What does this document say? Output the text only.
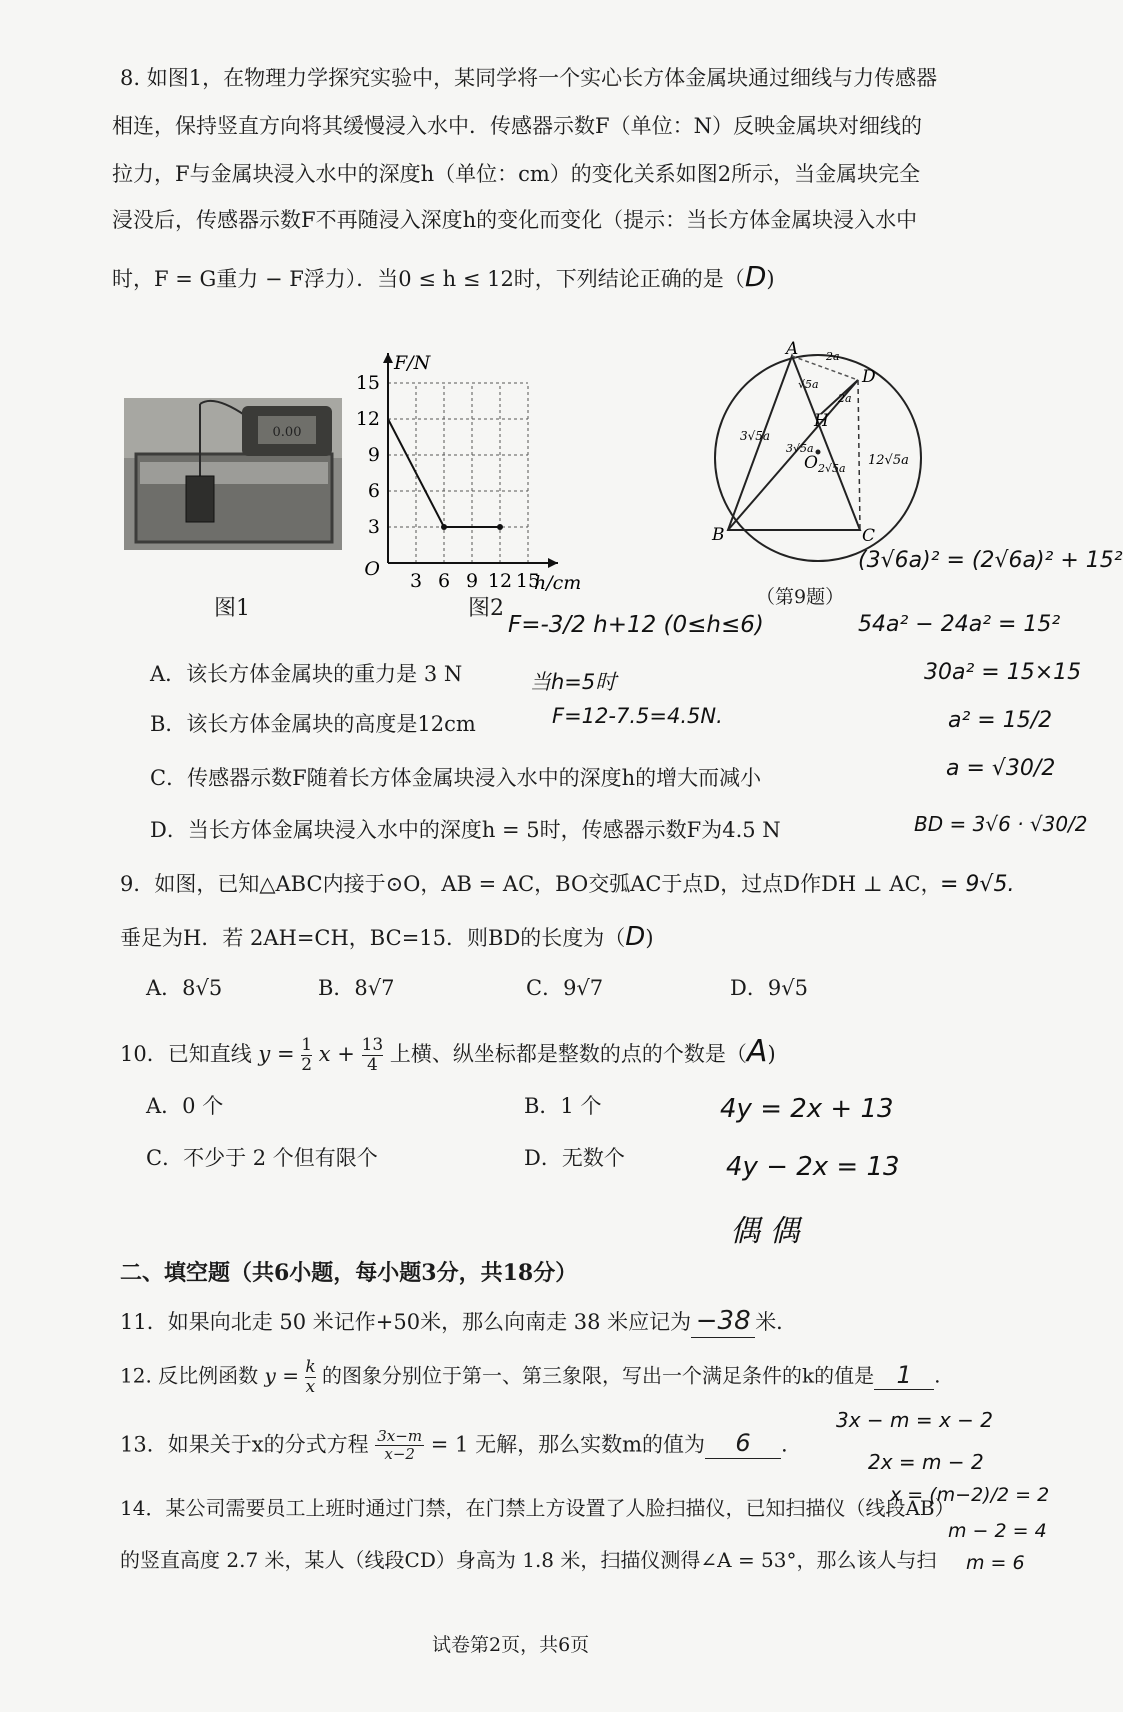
8. 如图1，在物理力学探究实验中，某同学将一个实心长方体金属块通过细线与力传感器
相连，保持竖直方向将其缓慢浸入水中．传感器示数F（单位：N）反映金属块对细线的
拉力，F与金属块浸入水中的深度h（单位：cm）的变化关系如图2所示，当金属块完全
浸没后，传感器示数F不再随浸入深度h的变化而变化（提示：当长方体金属块浸入水中
时，F = G重力 − F浮力）．当0 ≤ h ≤ 12时，下列结论正确的是（D)
0.00
图1
3 6 9 12 15
3
6
9
12
15
O
h/cm
F/N
图2
A
B	C
D
H
O
2a
√5a
2a
3√5a
3√5a
2√5a
12√5a
（第9题）
(3√6a)² = (2√6a)² + 15²
54a² − 24a² = 15²
30a² = 15×15
a² = 15/2
a = √30/2
BD = 3√6 · √30/2
= 9√5.
F=-3/2 h+12 (0≤h≤6)
当h=5时
F=12-7.5=4.5N.
A．该长方体金属块的重力是 3 N
B．该长方体金属块的高度是12cm
C．传感器示数F随着长方体金属块浸入水中的深度h的增大而减小
D．当长方体金属块浸入水中的深度h = 5时，传感器示数F为4.5 N
9．如图，已知△ABC内接于⊙O，AB = AC，BO交弧AC于点D，过点D作DH ⊥ AC，
垂足为H．若 2AH=CH，BC=15．则BD的长度为（D)
A．8√5	B．8√7	C．9√7	D．9√5
10．已知直线 $y = \frac{1}{2}$ $x + \frac{13}{4}$ 上横、纵坐标都是整数的点的个数是（A)
A．0 个	B．1 个
C．不少于 2 个但有限个	D．无数个
4y = 2x + 13
4y − 2x = 13
偶 偶
二、填空题（共6小题，每小题3分，共18分）
11．如果向北走 50 米记作+50米，那么向南走 38 米应记为 −38 米．
12. 反比例函数 $y = \frac{k}{x}$ 的图象分别位于第一、第三象限，写出一个满足条件的k的值是 1 .
13．如果关于x的分式方程 $\frac{3x-m}{x-2} = 1$ 无解，那么实数m的值为 6 .
3x − m = x − 2
2x = m − 2
x = (m−2)/2 = 2
m − 2 = 4
m = 6
14．某公司需要员工上班时通过门禁，在门禁上方设置了人脸扫描仪，已知扫描仪（线段AB）
的竖直高度 2.7 米，某人（线段CD）身高为 1.8 米，扫描仪测得∠A = 53°，那么该人与扫
试卷第2页，共6页
